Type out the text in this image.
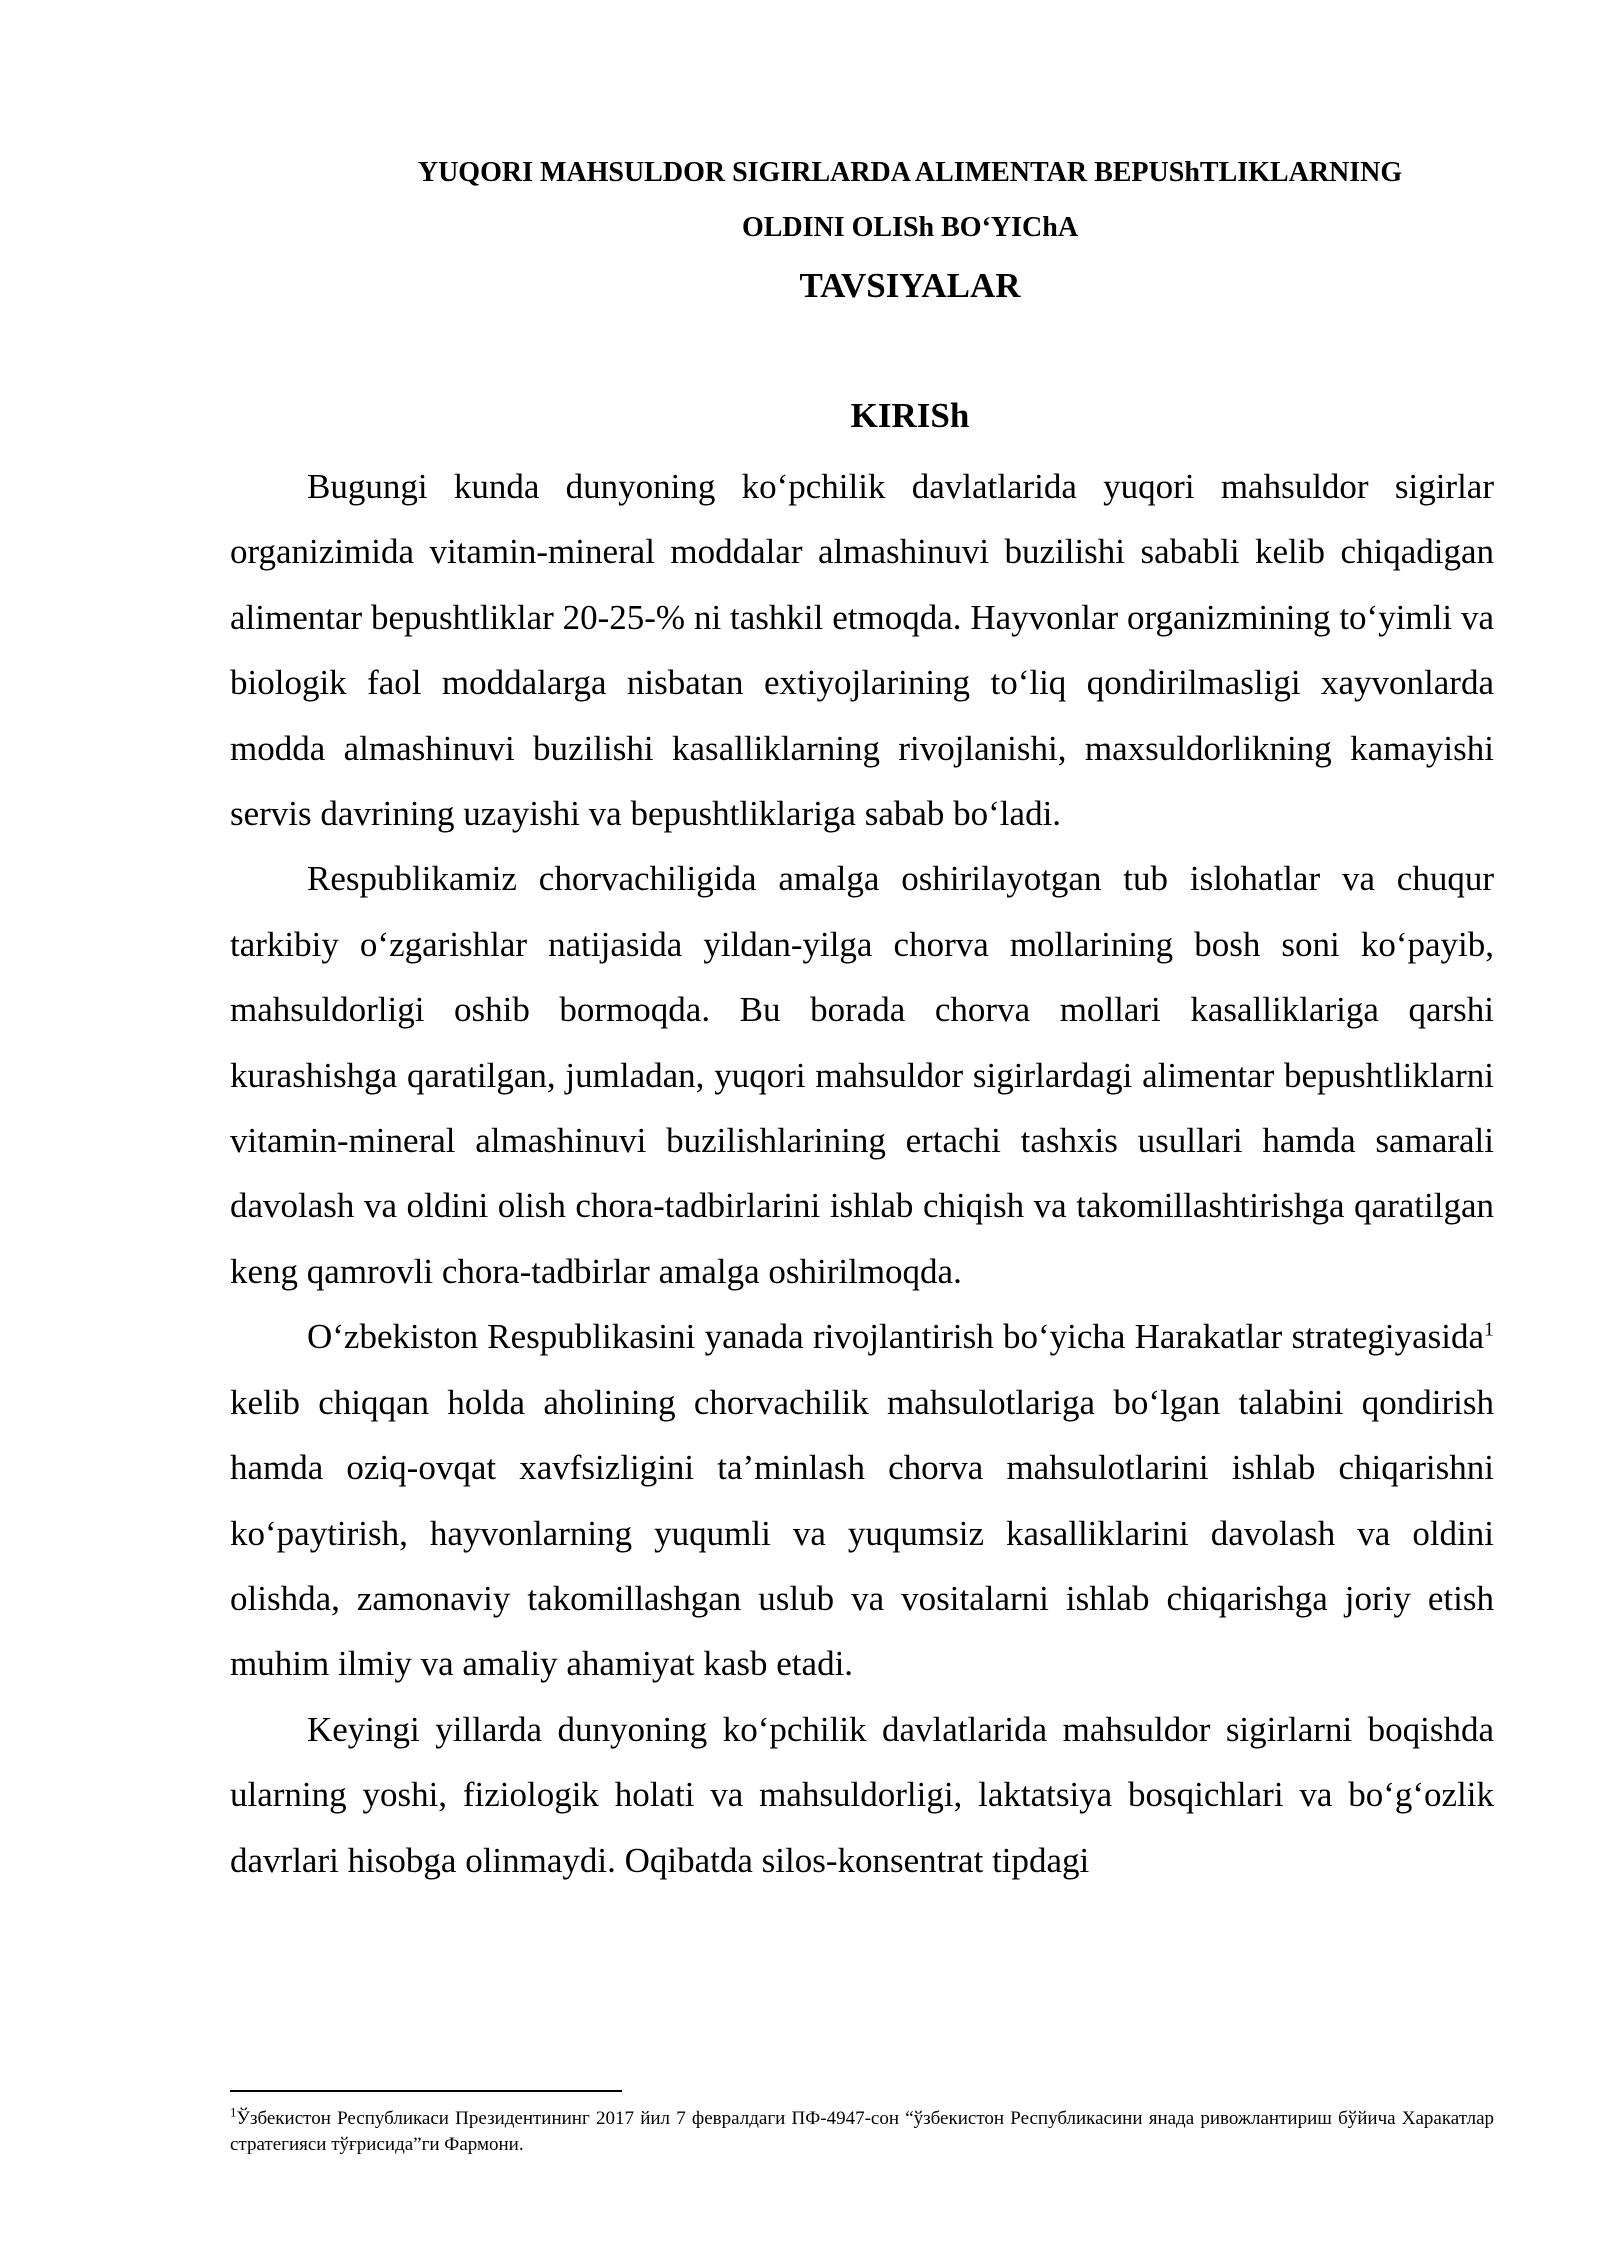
YUQORI MAHSULDOR SIGIRLARDA ALIMENTAR BEPUShTLIKLARNING
OLDINI OLISh BO‘YIChA
TAVSIYALAR
KIRISh

Bugungi kunda dunyoning ko‘pchilik davlatlarida yuqori mahsuldor sigirlar organizimida vitamin-mineral moddalar almashinuvi buzilishi sababli kelib chiqadigan alimentar bepushtliklar 20-25-% ni tashkil etmoqda. Hayvonlar organizmining to‘yimli va biologik faol moddalarga nisbatan extiyojlarining to‘liq qondirilmasligi xayvonlarda modda almashinuvi buzilishi kasalliklarning rivojlanishi, maxsuldorlikning kamayishi servis davrining uzayishi va bepushtliklariga sabab bo‘ladi.

Respublikamiz chorvachiligida amalga oshirilayotgan tub islohatlar va chuqur tarkibiy o‘zgarishlar natijasida yildan-yilga chorva mollarining bosh soni ko‘payib, mahsuldorligi oshib bormoqda. Bu borada chorva mollari kasalliklariga qarshi kurashishga qaratilgan, jumladan, yuqori mahsuldor sigirlardagi alimentar bepushtliklarni vitamin-mineral almashinuvi buzilishlarining ertachi tashxis usullari hamda samarali davolash va oldini olish chora-tadbirlarini ishlab chiqish va takomillashtirishga qaratilgan keng qamrovli chora-tadbirlar amalga oshirilmoqda.

O‘zbekiston Respublikasini yanada rivojlantirish bo‘yicha Harakatlar strategiyasida$^1$ kelib chiqqan holda aholining chorvachilik mahsulotlariga bo‘lgan talabini qondirish hamda oziq-ovqat xavfsizligini ta’minlash chorva mahsulotlarini ishlab chiqarishni ko‘paytirish, hayvonlarning yuqumli va yuqumsiz kasalliklarini davolash va oldini olishda, zamonaviy takomillashgan uslub va vositalarni ishlab chiqarishga joriy etish muhim ilmiy va amaliy ahamiyat kasb etadi.

Keyingi yillarda dunyoning ko‘pchilik davlatlarida mahsuldor sigirlarni boqishda ularning yoshi, fiziologik holati va mahsuldorligi, laktatsiya bosqichlari va bo‘g‘ozlik davrlari hisobga olinmaydi. Oqibatda silos-konsentrat tipdagi

$^1$Ўзбекистон Республикаси Президентининг 2017 йил 7 февралдаги ПФ-4947-сон “ўзбекистон Республикасини янада ривожлантириш бўйича Харакатлар стратегияси тўғрисида”ги Фармони.
